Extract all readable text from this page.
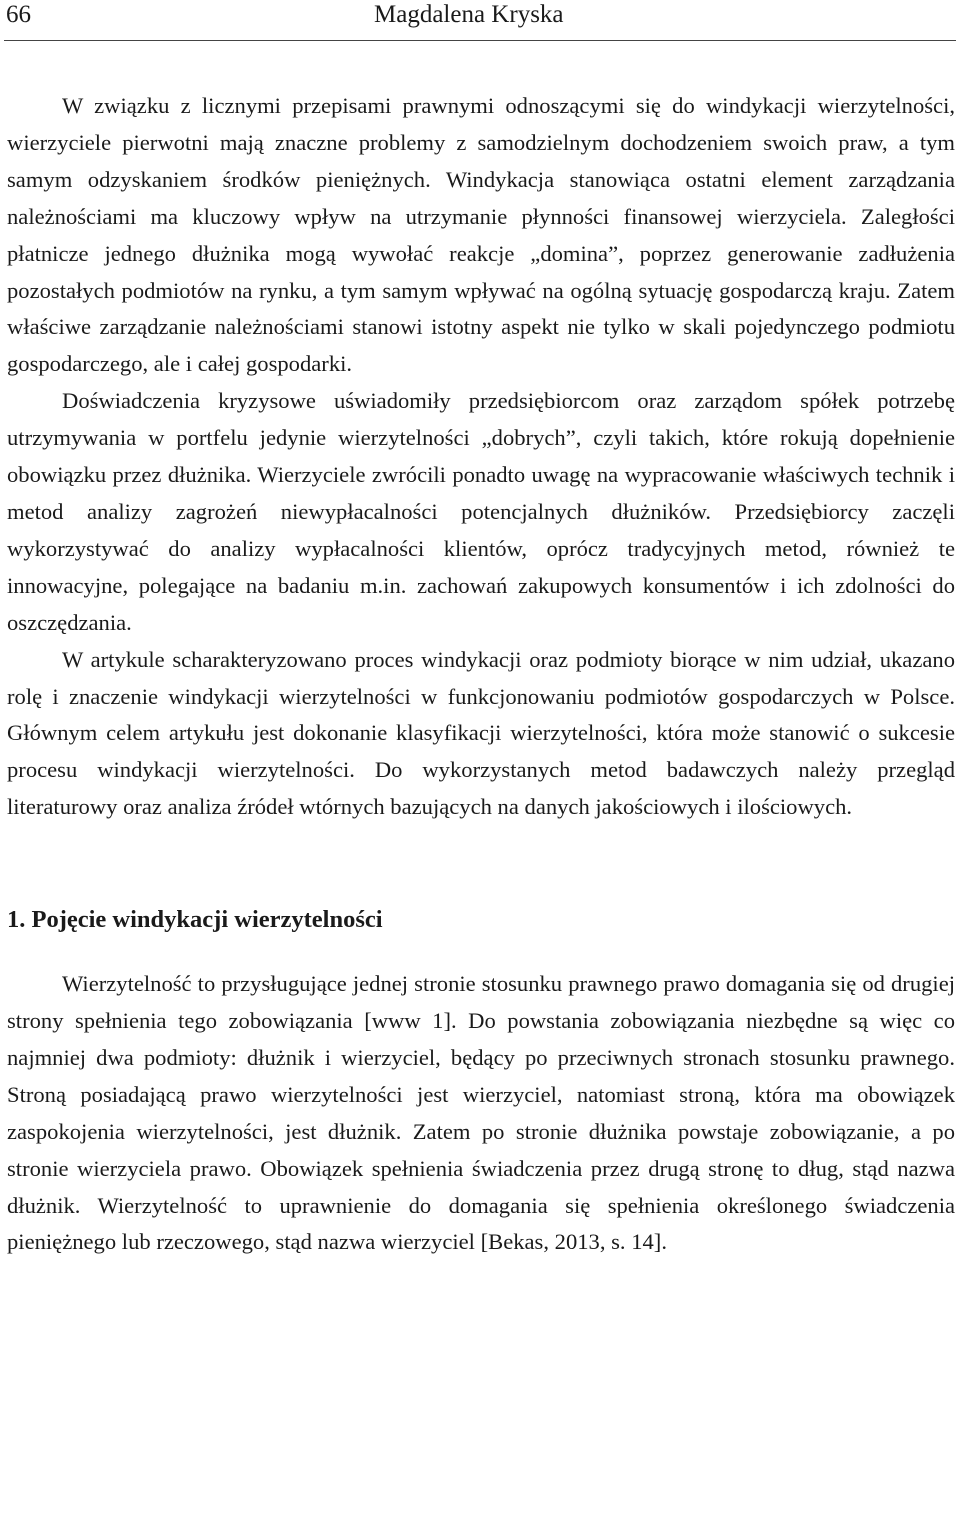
66	Magdalena Kryska

W związku z licznymi przepisami prawnymi odnoszącymi się do windykacji wierzytelności, wierzyciele pierwotni mają znaczne problemy z samodzielnym dochodzeniem swoich praw, a tym samym odzyskaniem środków pieniężnych. Windykacja stanowiąca ostatni element zarządzania należnościami ma kluczowy wpływ na utrzymanie płynności finansowej wierzyciela. Zaległości płatnicze jednego dłużnika mogą wywołać reakcje „domina”, poprzez generowanie zadłużenia pozostałych podmiotów na rynku, a tym samym wpływać na ogólną sytuację gospodarczą kraju. Zatem właściwe zarządzanie należnościami stanowi istotny aspekt nie tylko w skali pojedynczego podmiotu gospodarczego, ale i całej gospodarki.

Doświadczenia kryzysowe uświadomiły przedsiębiorcom oraz zarządom spółek potrzebę utrzymywania w portfelu jedynie wierzytelności „dobrych”, czyli takich, które rokują dopełnienie obowiązku przez dłużnika. Wierzyciele zwrócili ponadto uwagę na wypracowanie właściwych technik i metod analizy zagrożeń niewypłacalności potencjalnych dłużników. Przedsiębiorcy zaczęli wykorzystywać do analizy wypłacalności klientów, oprócz tradycyjnych metod, również te innowacyjne, polegające na badaniu m.in. zachowań zakupowych konsumentów i ich zdolności do oszczędzania.

W artykule scharakteryzowano proces windykacji oraz podmioty biorące w nim udział, ukazano rolę i znaczenie windykacji wierzytelności w funkcjonowaniu podmiotów gospodarczych w Polsce. Głównym celem artykułu jest dokonanie klasyfikacji wierzytelności, która może stanowić o sukcesie procesu windykacji wierzytelności. Do wykorzystanych metod badawczych należy przegląd literaturowy oraz analiza źródeł wtórnych bazujących na danych jakościowych i ilościowych.

1. Pojęcie windykacji wierzytelności

Wierzytelność to przysługujące jednej stronie stosunku prawnego prawo domagania się od drugiej strony spełnienia tego zobowiązania [www 1]. Do powstania zobowiązania niezbędne są więc co najmniej dwa podmioty: dłużnik i wierzyciel, będący po przeciwnych stronach stosunku prawnego. Stroną posiadającą prawo wierzytelności jest wierzyciel, natomiast stroną, która ma obowiązek zaspokojenia wierzytelności, jest dłużnik. Zatem po stronie dłużnika powstaje zobowiązanie, a po stronie wierzyciela prawo. Obowiązek spełnienia świadczenia przez drugą stronę to dług, stąd nazwa dłużnik. Wierzytelność to uprawnienie do domagania się spełnienia określonego świadczenia pieniężnego lub rzeczowego, stąd nazwa wierzyciel [Bekas, 2013, s. 14].
